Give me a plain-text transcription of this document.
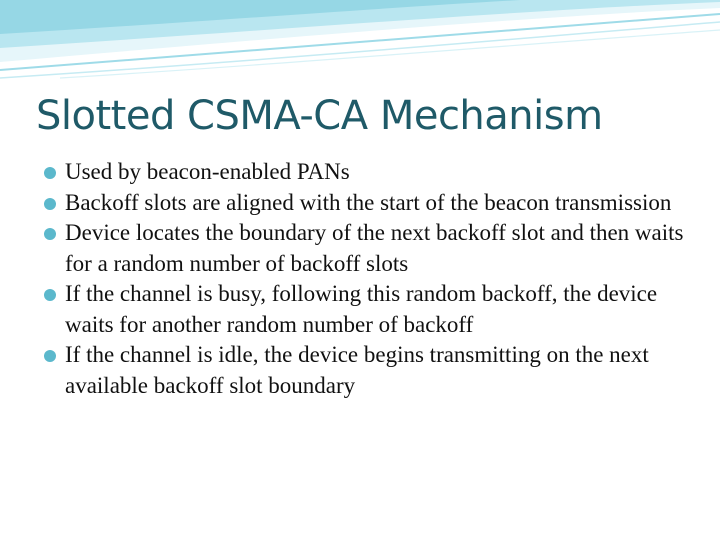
Slotted CSMA-CA Mechanism
Used by beacon-enabled PANs
Backoff slots are aligned with the start of the beacon transmission
Device locates the boundary of the next backoff slot and then waits for a random number of backoff slots
If the channel is busy, following this random backoff, the device waits for another random number of backoff
If the channel is idle, the device begins transmitting on the next available backoff slot boundary
